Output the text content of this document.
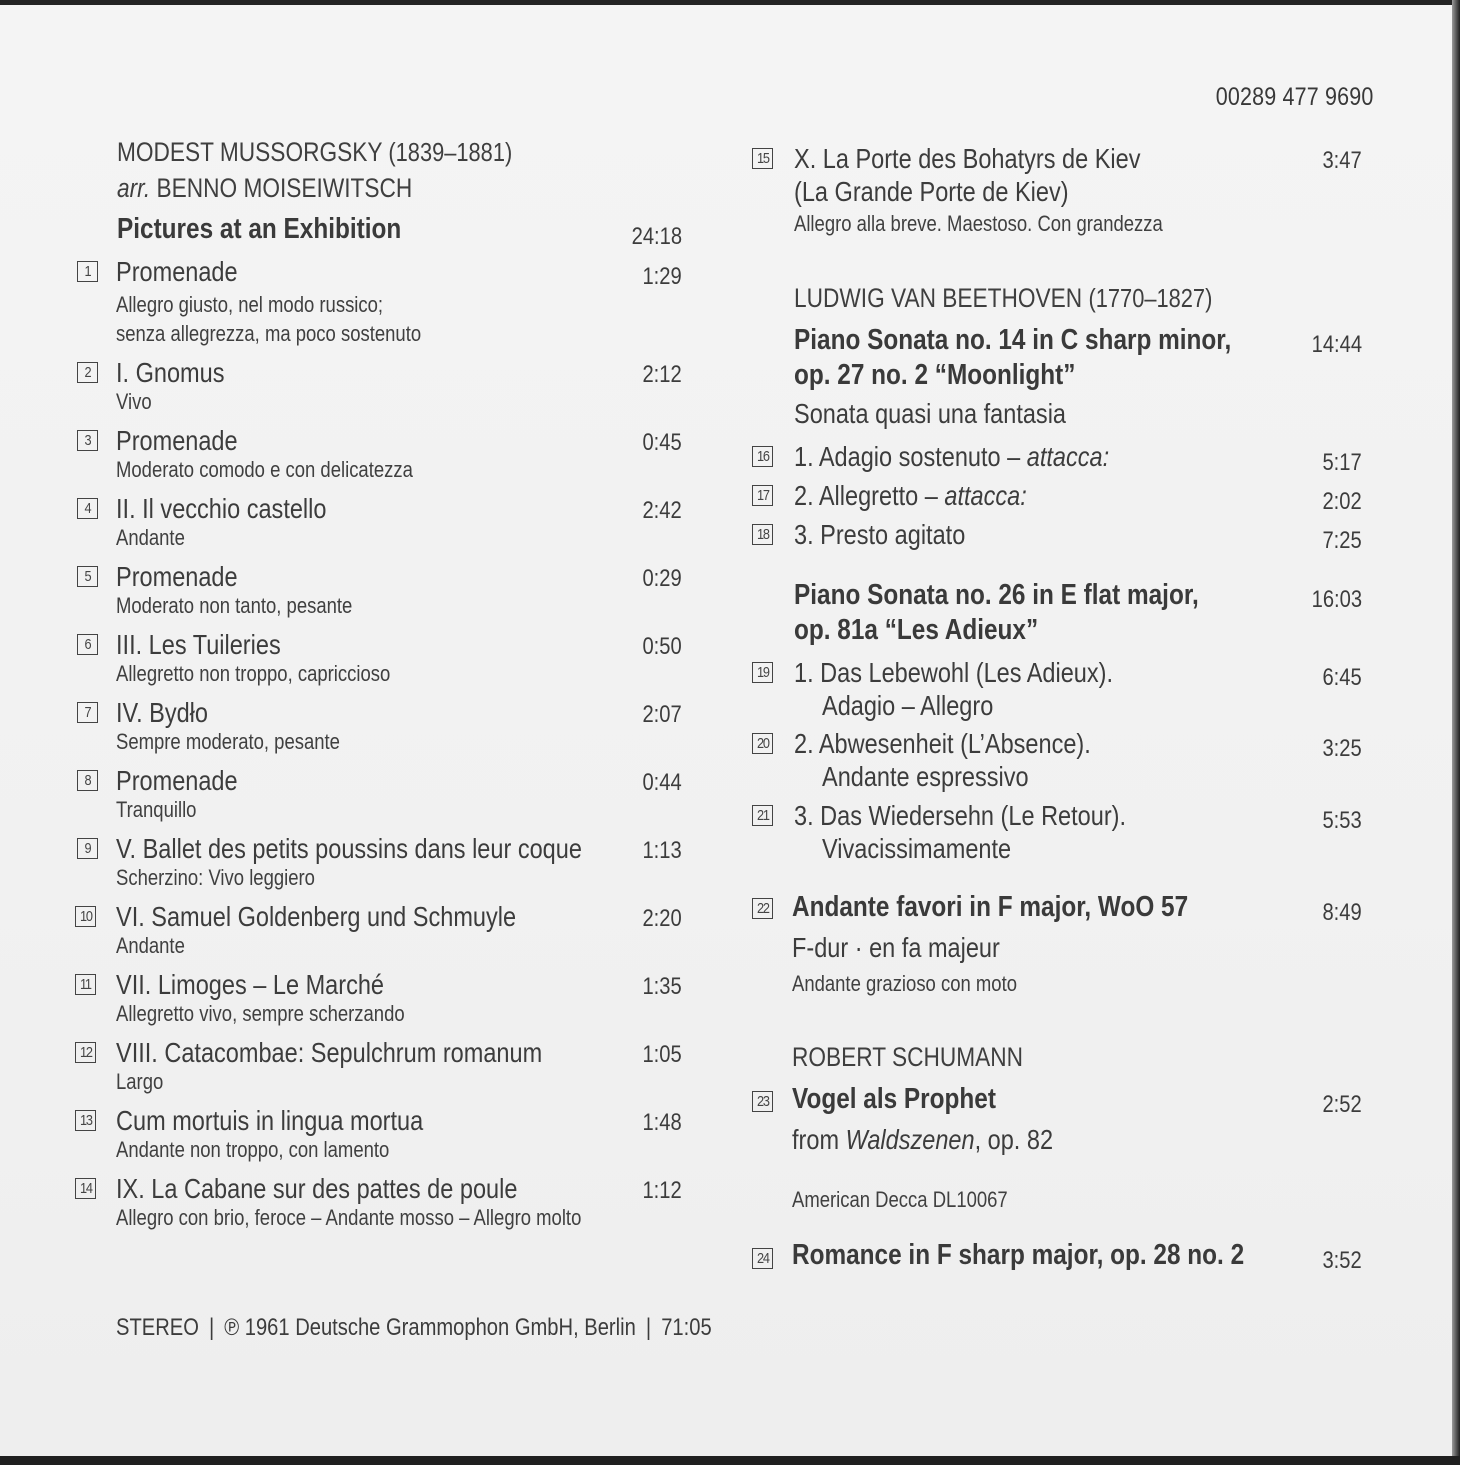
00289 477 9690
MODEST MUSSORGSKY (1839–1881)
arr. BENNO MOISEIWITSCH
Pictures at an Exhibition	24:18
1 Promenade	1:29
Allegro giusto, nel modo russico;
senza allegrezza, ma poco sostenuto
2 I. Gnomus	2:12
Vivo
3 Promenade	0:45
Moderato comodo e con delicatezza
4 II. Il vecchio castello	2:42
Andante
5 Promenade	0:29
Moderato non tanto, pesante
6 III. Les Tuileries	0:50
Allegretto non troppo, capriccioso
7 IV. Bydło	2:07
Sempre moderato, pesante
8 Promenade	0:44
Tranquillo
9 V. Ballet des petits poussins dans leur coque	1:13
Scherzino: Vivo leggiero
10 VI. Samuel Goldenberg und Schmuyle	2:20
Andante
11 VII. Limoges – Le Marché	1:35
Allegretto vivo, sempre scherzando
12 VIII. Catacombae: Sepulchrum romanum	1:05
Largo
13 Cum mortuis in lingua mortua	1:48
Andante non troppo, con lamento
14 IX. La Cabane sur des pattes de poule	1:12
Allegro con brio, feroce – Andante mosso – Allegro molto
STEREO | ℗ 1961 Deutsche Grammophon GmbH, Berlin | 71:05
15 X. La Porte des Bohatyrs de Kiev	3:47
(La Grande Porte de Kiev)
Allegro alla breve. Maestoso. Con grandezza
LUDWIG VAN BEETHOVEN (1770–1827)
Piano Sonata no. 14 in C sharp minor,	14:44
op. 27 no. 2 “Moonlight”
Sonata quasi una fantasia
16 1. Adagio sostenuto – attacca:	5:17
17 2. Allegretto – attacca:	2:02
18 3. Presto agitato	7:25
Piano Sonata no. 26 in E flat major,	16:03
op. 81a “Les Adieux”
19 1. Das Lebewohl (Les Adieux).	6:45
Adagio – Allegro
20 2. Abwesenheit (L’Absence).	3:25
Andante espressivo
21 3. Das Wiedersehn (Le Retour).	5:53
Vivacissimamente
22 Andante favori in F major, WoO 57	8:49
F-dur · en fa majeur
Andante grazioso con moto
ROBERT SCHUMANN
23 Vogel als Prophet	2:52
from Waldszenen, op. 82
American Decca DL10067
24 Romance in F sharp major, op. 28 no. 2	3:52
